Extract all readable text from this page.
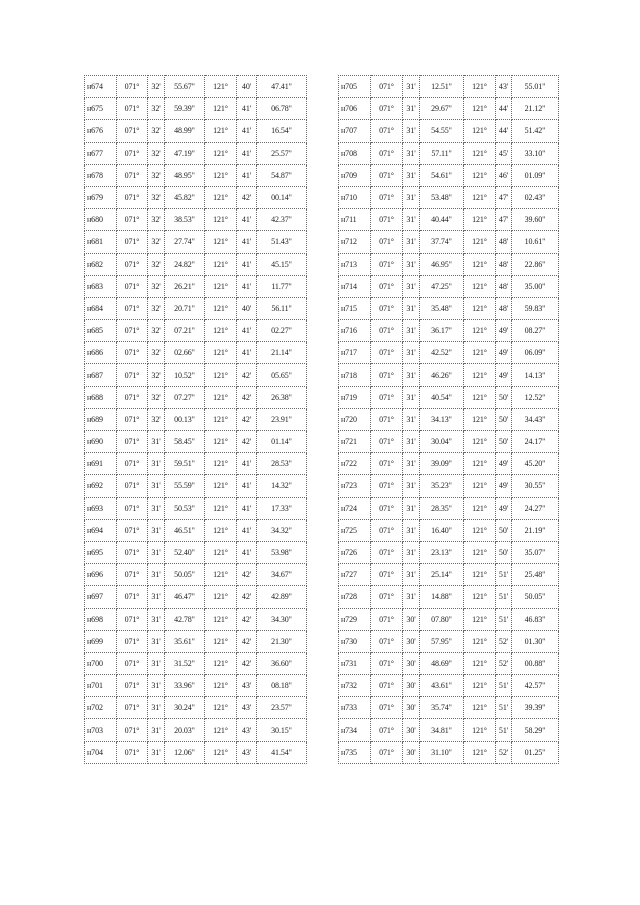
н674	071°	32'	55.67"	121°	40'	47.41"
н675	071°	32'	59.39"	121°	41'	06.78"
н676	071°	32'	48.99"	121°	41'	16.54"
н677	071°	32'	47.19"	121°	41'	25.57"
н678	071°	32'	48.95"	121°	41'	54.87"
н679	071°	32'	45.82"	121°	42'	00.14"
н680	071°	32'	38.53"	121°	41'	42.37"
н681	071°	32'	27.74"	121°	41'	51.43"
н682	071°	32'	24.82"	121°	41'	45.15"
н683	071°	32'	26.21"	121°	41'	11.77"
н684	071°	32'	20.71"	121°	40'	56.11"
н685	071°	32'	07.21"	121°	41'	02.27"
н686	071°	32'	02.66"	121°	41'	21.14"
н687	071°	32'	10.52"	121°	42'	05.65"
н688	071°	32'	07.27"	121°	42'	26.38"
н689	071°	32'	00.13"	121°	42'	23.91"
н690	071°	31'	58.45"	121°	42'	01.14"
н691	071°	31'	59.51"	121°	41'	28.53"
н692	071°	31'	55.59"	121°	41'	14.32"
н693	071°	31'	50.53"	121°	41'	17.33"
н694	071°	31'	46.51"	121°	41'	34.32"
н695	071°	31'	52.40"	121°	41'	53.98"
н696	071°	31'	50.05"	121°	42'	34.67"
н697	071°	31'	46.47"	121°	42'	42.89"
н698	071°	31'	42.78"	121°	42'	34.30"
н699	071°	31'	35.61"	121°	42'	21.30"
н700	071°	31'	31.52"	121°	42'	36.60"
н701	071°	31'	33.96"	121°	43'	08.18"
н702	071°	31'	30.24"	121°	43'	23.57"
н703	071°	31'	20.03"	121°	43'	30.15"
н704	071°	31'	12.06"	121°	43'	41.54"
н705	071°	31'	12.51"	121°	43'	55.01"
н706	071°	31'	29.67"	121°	44'	21.12"
н707	071°	31'	54.55"	121°	44'	51.42"
н708	071°	31'	57.11"	121°	45'	33.10"
н709	071°	31'	54.61"	121°	46'	01.09"
н710	071°	31'	53.48"	121°	47'	02.43"
н711	071°	31'	40.44"	121°	47'	39.60"
н712	071°	31'	37.74"	121°	48'	10.61"
н713	071°	31'	46.95"	121°	48'	22.86"
н714	071°	31'	47.25"	121°	48'	35.00"
н715	071°	31'	35.48"	121°	48'	59.83"
н716	071°	31'	36.17"	121°	49'	08.27"
н717	071°	31'	42.52"	121°	49'	06.09"
н718	071°	31'	46.26"	121°	49'	14.13"
н719	071°	31'	40.54"	121°	50'	12.52"
н720	071°	31'	34.13"	121°	50'	34.43"
н721	071°	31'	30.04"	121°	50'	24.17"
н722	071°	31'	39.09"	121°	49'	45.20"
н723	071°	31'	35.23"	121°	49'	30.55"
н724	071°	31'	28.35"	121°	49'	24.27"
н725	071°	31'	16.40"	121°	50'	21.19"
н726	071°	31'	23.13"	121°	50'	35.07"
н727	071°	31'	25.14"	121°	51'	25.48"
н728	071°	31'	14.88"	121°	51'	50.05"
н729	071°	30'	07.80"	121°	51'	46.83"
н730	071°	30'	57.95"	121°	52'	01.30"
н731	071°	30'	48.69"	121°	52'	00.88"
н732	071°	30'	43.61"	121°	51'	42.57"
н733	071°	30'	35.74"	121°	51'	39.39"
н734	071°	30'	34.81"	121°	51'	58.29"
н735	071°	30'	31.10"	121°	52'	01.25"
